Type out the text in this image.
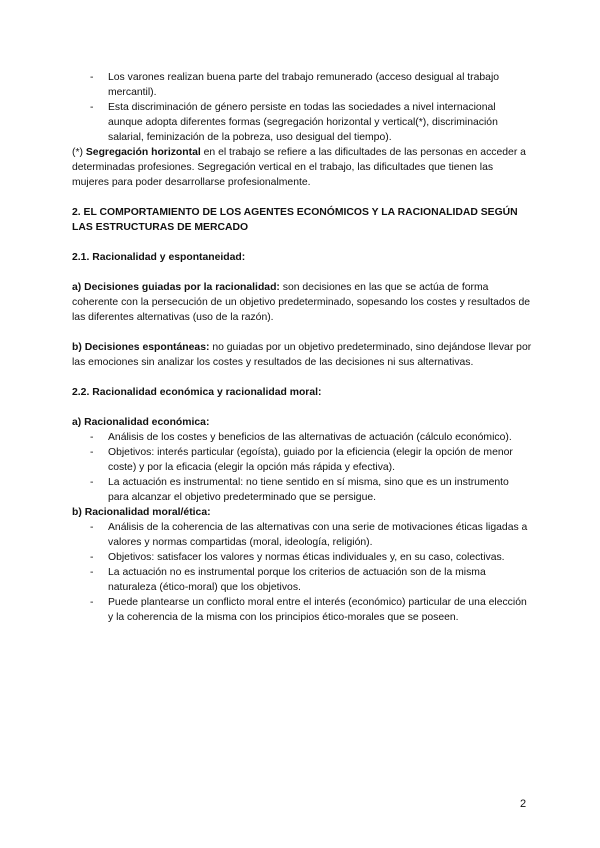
- Los varones realizan buena parte del trabajo remunerado (acceso desigual al trabajo mercantil).
- Esta discriminación de género persiste en todas las sociedades a nivel internacional aunque adopta diferentes formas (segregación horizontal y vertical(*), discriminación salarial, feminización de la pobreza, uso desigual del tiempo).

(*) Segregación horizontal en el trabajo se refiere a las dificultades de las personas en acceder a determinadas profesiones. Segregación vertical en el trabajo, las dificultades que tienen las mujeres para poder desarrollarse profesionalmente.

2. EL COMPORTAMIENTO DE LOS AGENTES ECONÓMICOS Y LA RACIONALIDAD SEGÚN LAS ESTRUCTURAS DE MERCADO

2.1. Racionalidad y espontaneidad:

a) Decisiones guiadas por la racionalidad: son decisiones en las que se actúa de forma coherente con la persecución de un objetivo predeterminado, sopesando los costes y resultados de las diferentes alternativas (uso de la razón).

b) Decisiones espontáneas: no guiadas por un objetivo predeterminado, sino dejándose llevar por las emociones sin analizar los costes y resultados de las decisiones ni sus alternativas.

2.2. Racionalidad económica y racionalidad moral:

a) Racionalidad económica:

- Análisis de los costes y beneficios de las alternativas de actuación (cálculo económico).
- Objetivos: interés particular (egoísta), guiado por la eficiencia (elegir la opción de menor coste) y por la eficacia (elegir la opción más rápida y efectiva).
- La actuación es instrumental: no tiene sentido en sí misma, sino que es un instrumento para alcanzar el objetivo predeterminado que se persigue.

b) Racionalidad moral/ética:

- Análisis de la coherencia de las alternativas con una serie de motivaciones éticas ligadas a valores y normas compartidas (moral, ideología, religión).
- Objetivos: satisfacer los valores y normas éticas individuales y, en su caso, colectivas.
- La actuación no es instrumental porque los criterios de actuación son de la misma naturaleza (ético-moral) que los objetivos.
- Puede plantearse un conflicto moral entre el interés (económico) particular de una elección y la coherencia de la misma con los principios ético-morales que se poseen.
2
